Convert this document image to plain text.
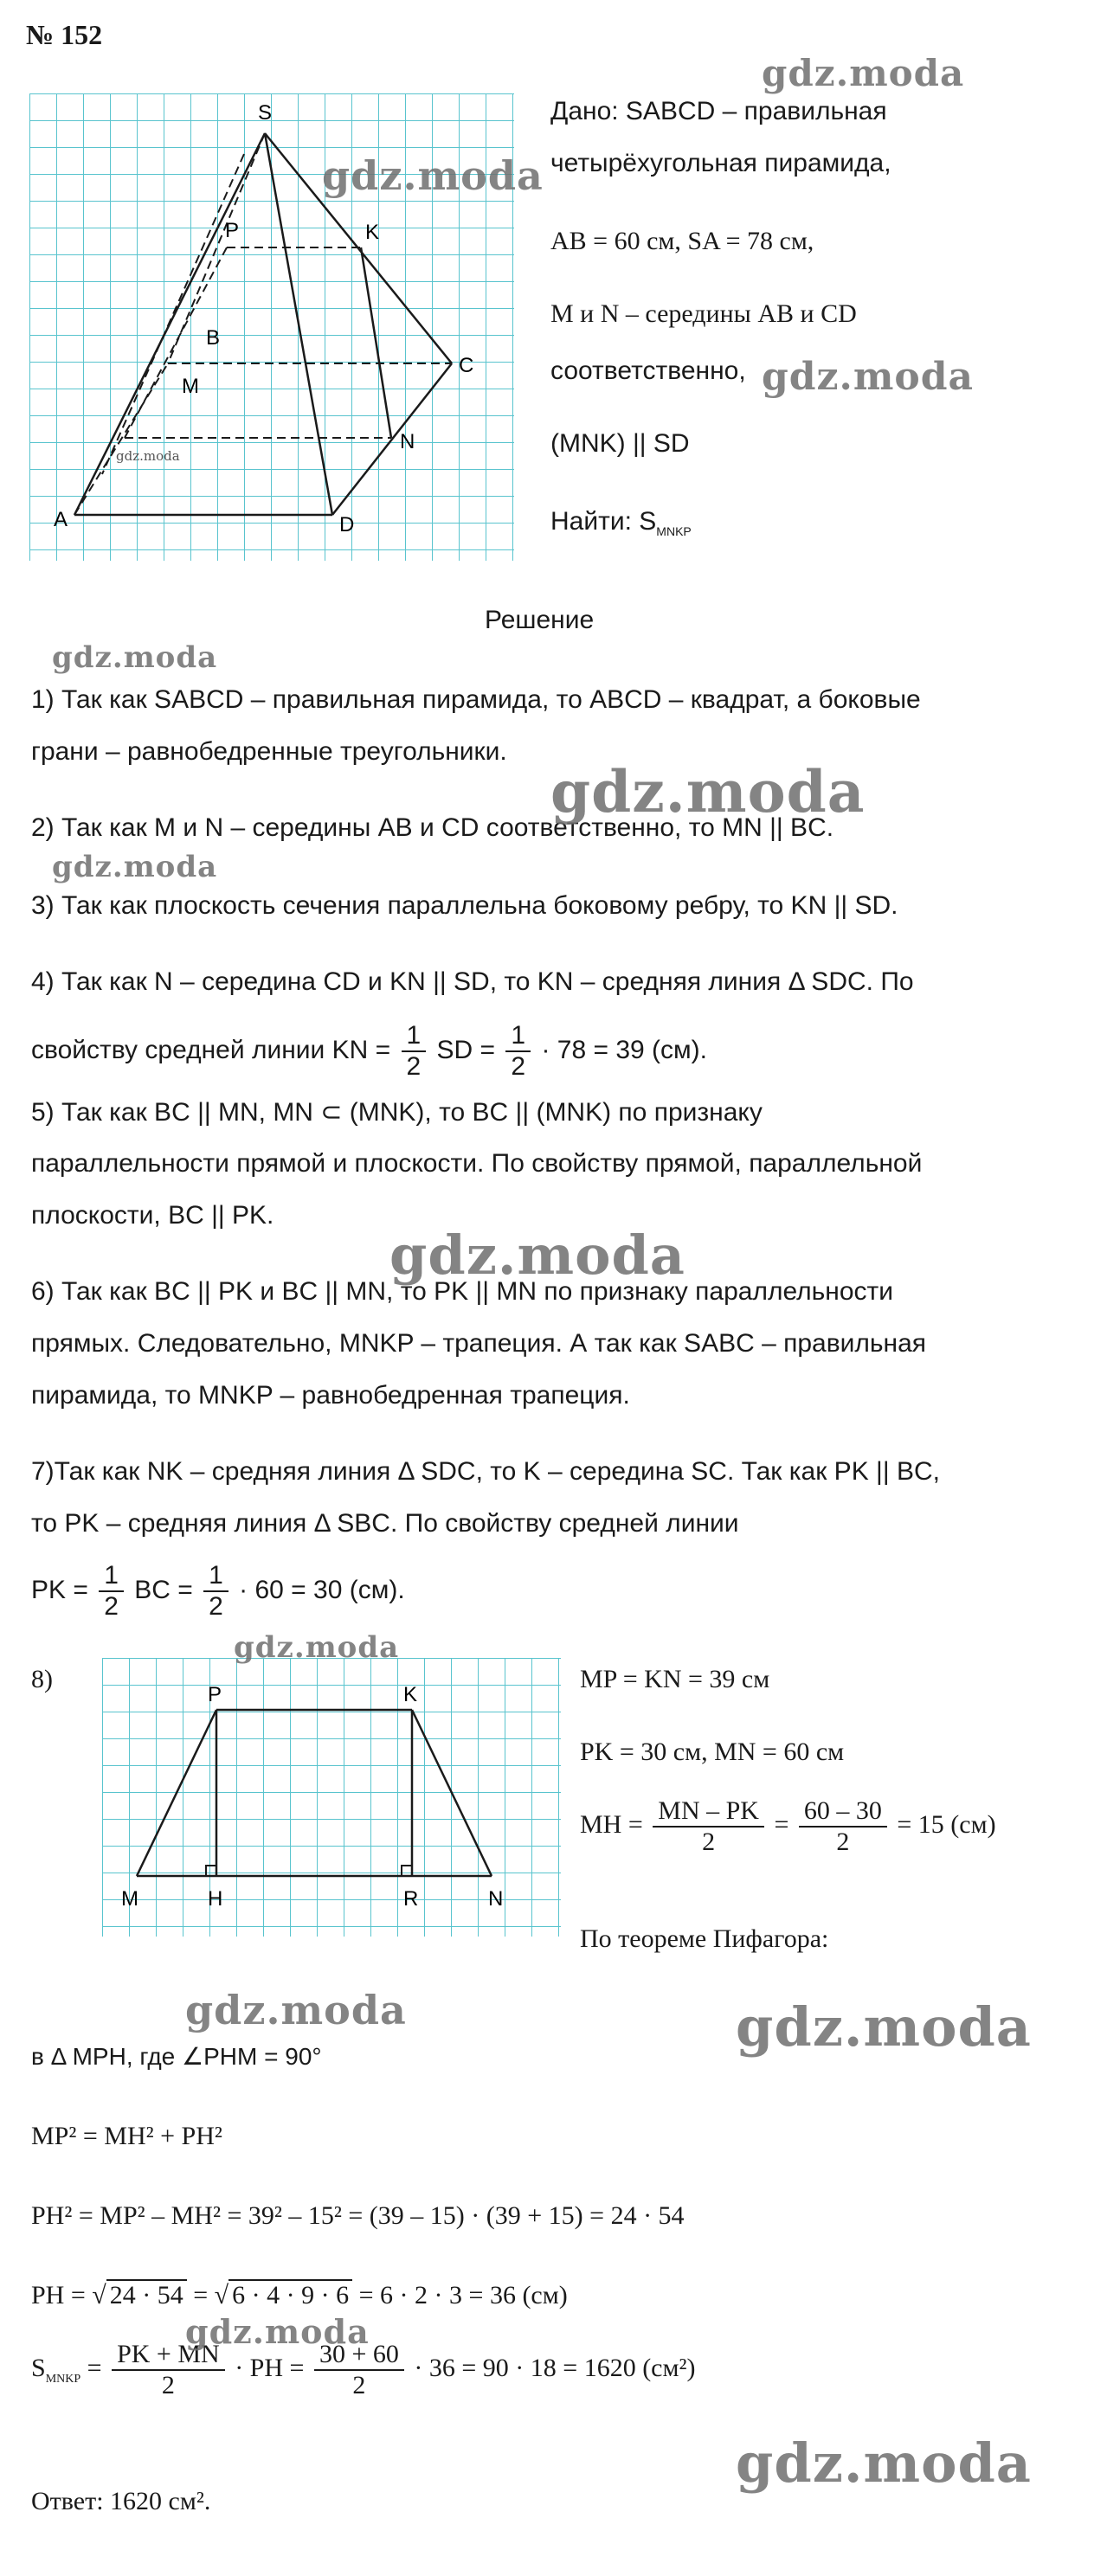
№ 152
S
P	K
B
C
M
N
A	D
gdz.moda
Дано: SABCD – правильная
четырёхугольная пирамида,
AB = 60 см, SA = 78 см,
M и N – середины AB и CD
соответственно,
(MNK) || SD
Найти: $S_{MNKP}$
Решение
1) Так как SABCD – правильная пирамида, то ABCD – квадрат, а боковые
грани – равнобедренные треугольники.
2) Так как M и N – середины AB и CD соответственно, то MN || BC.
3) Так как плоскость сечения параллельна боковому ребру, то KN || SD.
4) Так как N – середина CD и KN || SD, то KN – средняя линия Δ SDC. По
свойству средней линии KN = $\frac{1}{2}$ SD = $\frac{1}{2} \cdot 78 = 39$ (см).
5) Так как BC || MN, MN ⊂ (MNK), то BC || (MNK) по признаку
параллельности прямой и плоскости. По свойству прямой, параллельной
плоскости, BC || PK.
6) Так как BC || PK и BC || MN, то PK || MN по признаку параллельности
прямых. Следовательно, MNKP – трапеция. А так как SABC – правильная
пирамида, то MNKP – равнобедренная трапеция.
7)Так как NK – средняя линия Δ SDC, то K – середина SC. Так как PK || BC,
то PK – средняя линия Δ SBC. По свойству средней линии
PK = $\frac{1}{2}$ BC = $\frac{1}{2} \cdot 60 = 30$ (см).
8)
P	K
M	H	R	N
MP = KN = 39 см
PK = 30 см, MN = 60 см
MH = $\frac{MN - PK}{2} = \frac{60 - 30}{2} = 15$ (см)
По теореме Пифагора:
в Δ MPH, где ∠PHM = 90°
MP² = MH² + PH²
PH² = MP² – MH² = 39² – 15² = (39 – 15) · (39 + 15) = 24 · 54
PH = √ 24 · 54 = √ 6 · 4 · 9 · 6 = 6 · 2 · 3 = 36 (см)
$S_{MNKP} = \frac{PK + MN}{2}$ · PH = $\frac{30 + 60}{2} \cdot 36 = 90 \cdot 18 = 1620$ (см²)
Ответ: 1620 см².
gdz.moda
gdz.moda
gdz.moda
gdz.moda
gdz.moda
gdz.moda
gdz.moda
gdz.moda
gdz.moda	gdz.moda
gdz.moda
gdz.moda
